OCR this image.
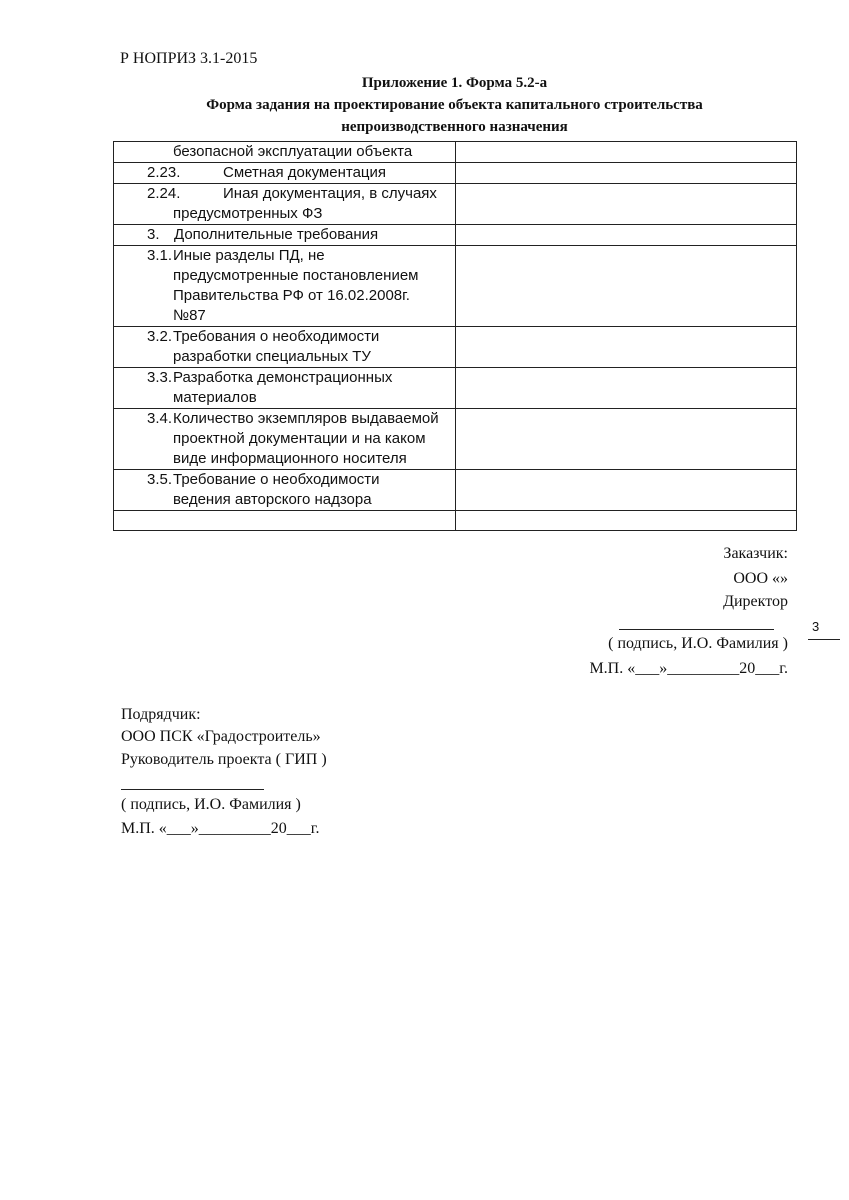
Р НОПРИЗ 3.1-2015
Приложение 1. Форма 5.2-а
Форма задания на проектирование объекта капитального строительства
непроизводственного назначения
безопасной эксплуатации объекта	

2.23. Сметная документация	

2.24. Иная документация, в случаях
предусмотренных ФЗ	

3. Дополнительные требования	

3.1. Иные разделы ПД, не
предусмотренные постановлением
Правительства РФ от 16.02.2008г.
№87	

3.2. Требования о необходимости
разработки специальных ТУ	

3.3. Разработка демонстрационных
материалов	

3.4. Количество экземпляров выдаваемой
проектной документации и на каком
виде информационного носителя	

3.5. Требование о необходимости
ведения авторского надзора	

Заказчик:
ООО «»
Директор
3
( подпись, И.О. Фамилия )
М.П. «___»_________20___г.
Подрядчик:
ООО ПСК «Градостроитель»
Руководитель проекта ( ГИП )
( подпись, И.О. Фамилия )
М.П. «___»_________20___г.
